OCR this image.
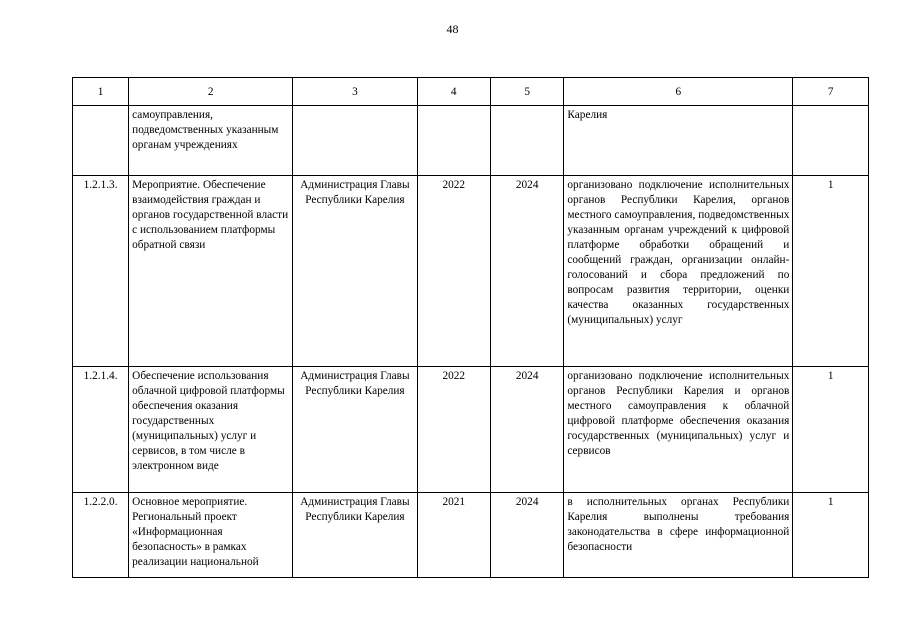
48
1	2	3	4	5	6	7
	самоуправления, подведомственных указанным органам учреждениях				Карелия	
1.2.1.3.	Мероприятие. Обеспечение взаимодействия граждан и органов государственной власти с использованием платформы обратной связи	Администрация Главы Республики Карелия	2022	2024	организовано подключение исполнительных органов Республики Карелия, органов местного самоуправления, подведомственных указанным органам учреждений к цифровой платформе обработки обращений и сообщений граждан, организации онлайн-голосований и сбора предложений по вопросам развития территории, оценки качества оказанных государственных (муниципальных) услуг	1
1.2.1.4.	Обеспечение использования облачной цифровой платформы обеспечения оказания государственных (муниципальных) услуг и сервисов, в том числе в электронном виде	Администрация Главы Республики Карелия	2022	2024	организовано подключение исполнительных органов Республики Карелия и органов местного самоуправления к облачной цифровой платформе обеспечения оказания государственных (муниципальных) услуг и сервисов	1
1.2.2.0.	Основное мероприятие. Региональный проект «Информационная безопасность» в рамках реализации национальной	Администрация Главы Республики Карелия	2021	2024	в исполнительных органах Республики Карелия выполнены требования законодательства в сфере информационной безопасности	1
